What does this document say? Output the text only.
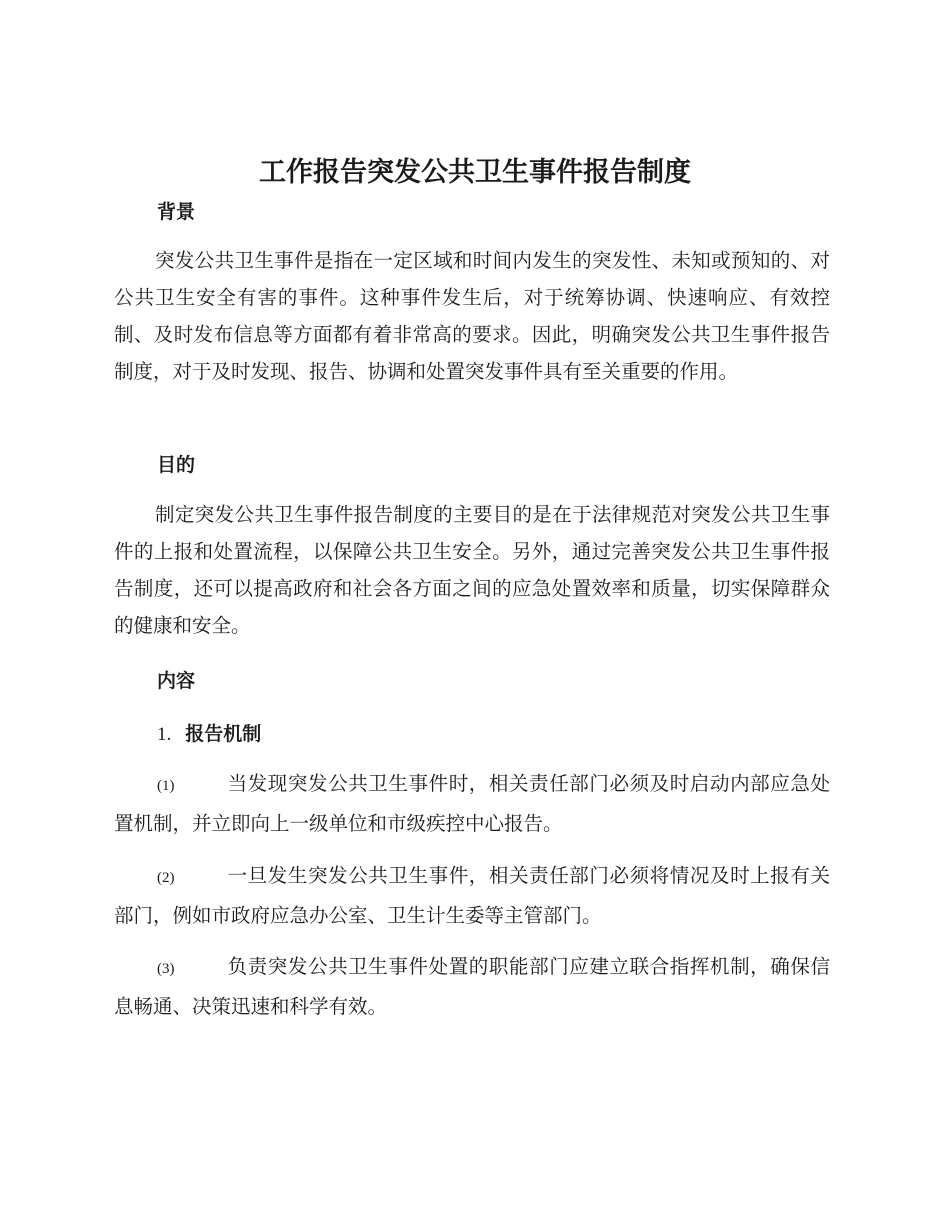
工作报告突发公共卫生事件报告制度
背景
突发公共卫生事件是指在一定区域和时间内发生的突发性、未知或预知的、对公共卫生安全有害的事件。这种事件发生后，对于统筹协调、快速响应、有效控制、及时发布信息等方面都有着非常高的要求。因此，明确突发公共卫生事件报告制度，对于及时发现、报告、协调和处置突发事件具有至关重要的作用。
目的
制定突发公共卫生事件报告制度的主要目的是在于法律规范对突发公共卫生事件的上报和处置流程，以保障公共卫生安全。另外，通过完善突发公共卫生事件报告制度，还可以提高政府和社会各方面之间的应急处置效率和质量，切实保障群众的健康和安全。
内容
1. 报告机制
(1)	当发现突发公共卫生事件时，相关责任部门必须及时启动内部应急处置机制，并立即向上一级单位和市级疾控中心报告。
(2)	一旦发生突发公共卫生事件，相关责任部门必须将情况及时上报有关部门，例如市政府应急办公室、卫生计生委等主管部门。
(3)	负责突发公共卫生事件处置的职能部门应建立联合指挥机制，确保信息畅通、决策迅速和科学有效。
